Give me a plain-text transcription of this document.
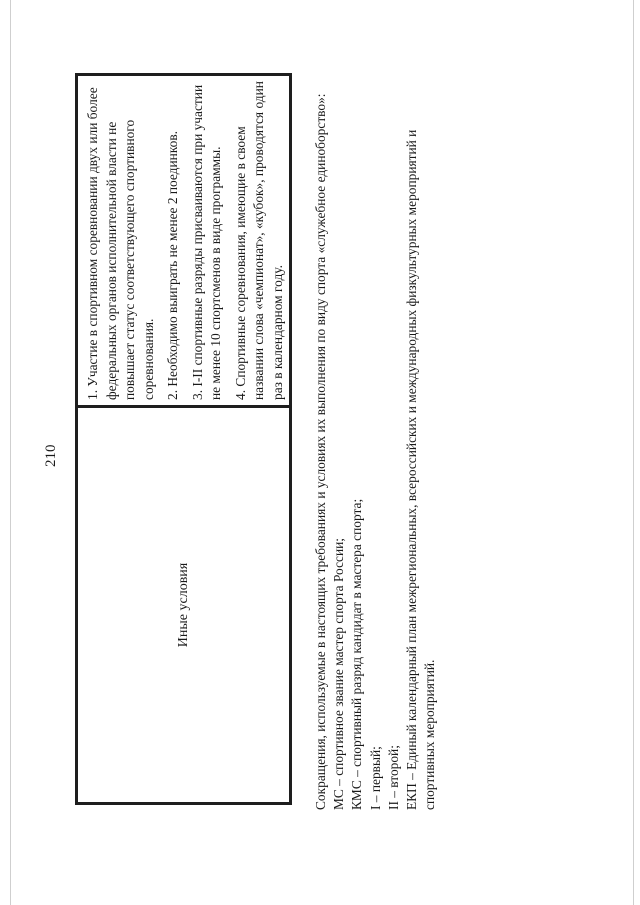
210
Иные условия	

1. Участие в спортивном соревновании двух или более федеральных органов исполнительной власти не повышает статус соответствующего спортивного соревнования. 2. Необходимо выиграть не менее 2 поединков. 3. I-II спортивные разряды присваиваются при участии не менее 10 спортсменов в виде программы. 4. Спортивные соревнования, имеющие в своем названии слова «чемпионат», «кубок», проводятся один раз в календарном году. Сокращения, используемые в настоящих требованиях и условиях их выполнения по виду спорта «служебное единоборство»: МС – спортивное звание мастер спорта России; КМС – спортивный разряд кандидат в мастера спорта; I – первый; II – второй; ЕКП – Единый календарный план межрегиональных, всероссийских и международных физкультурных мероприятий и спортивных мероприятий.
